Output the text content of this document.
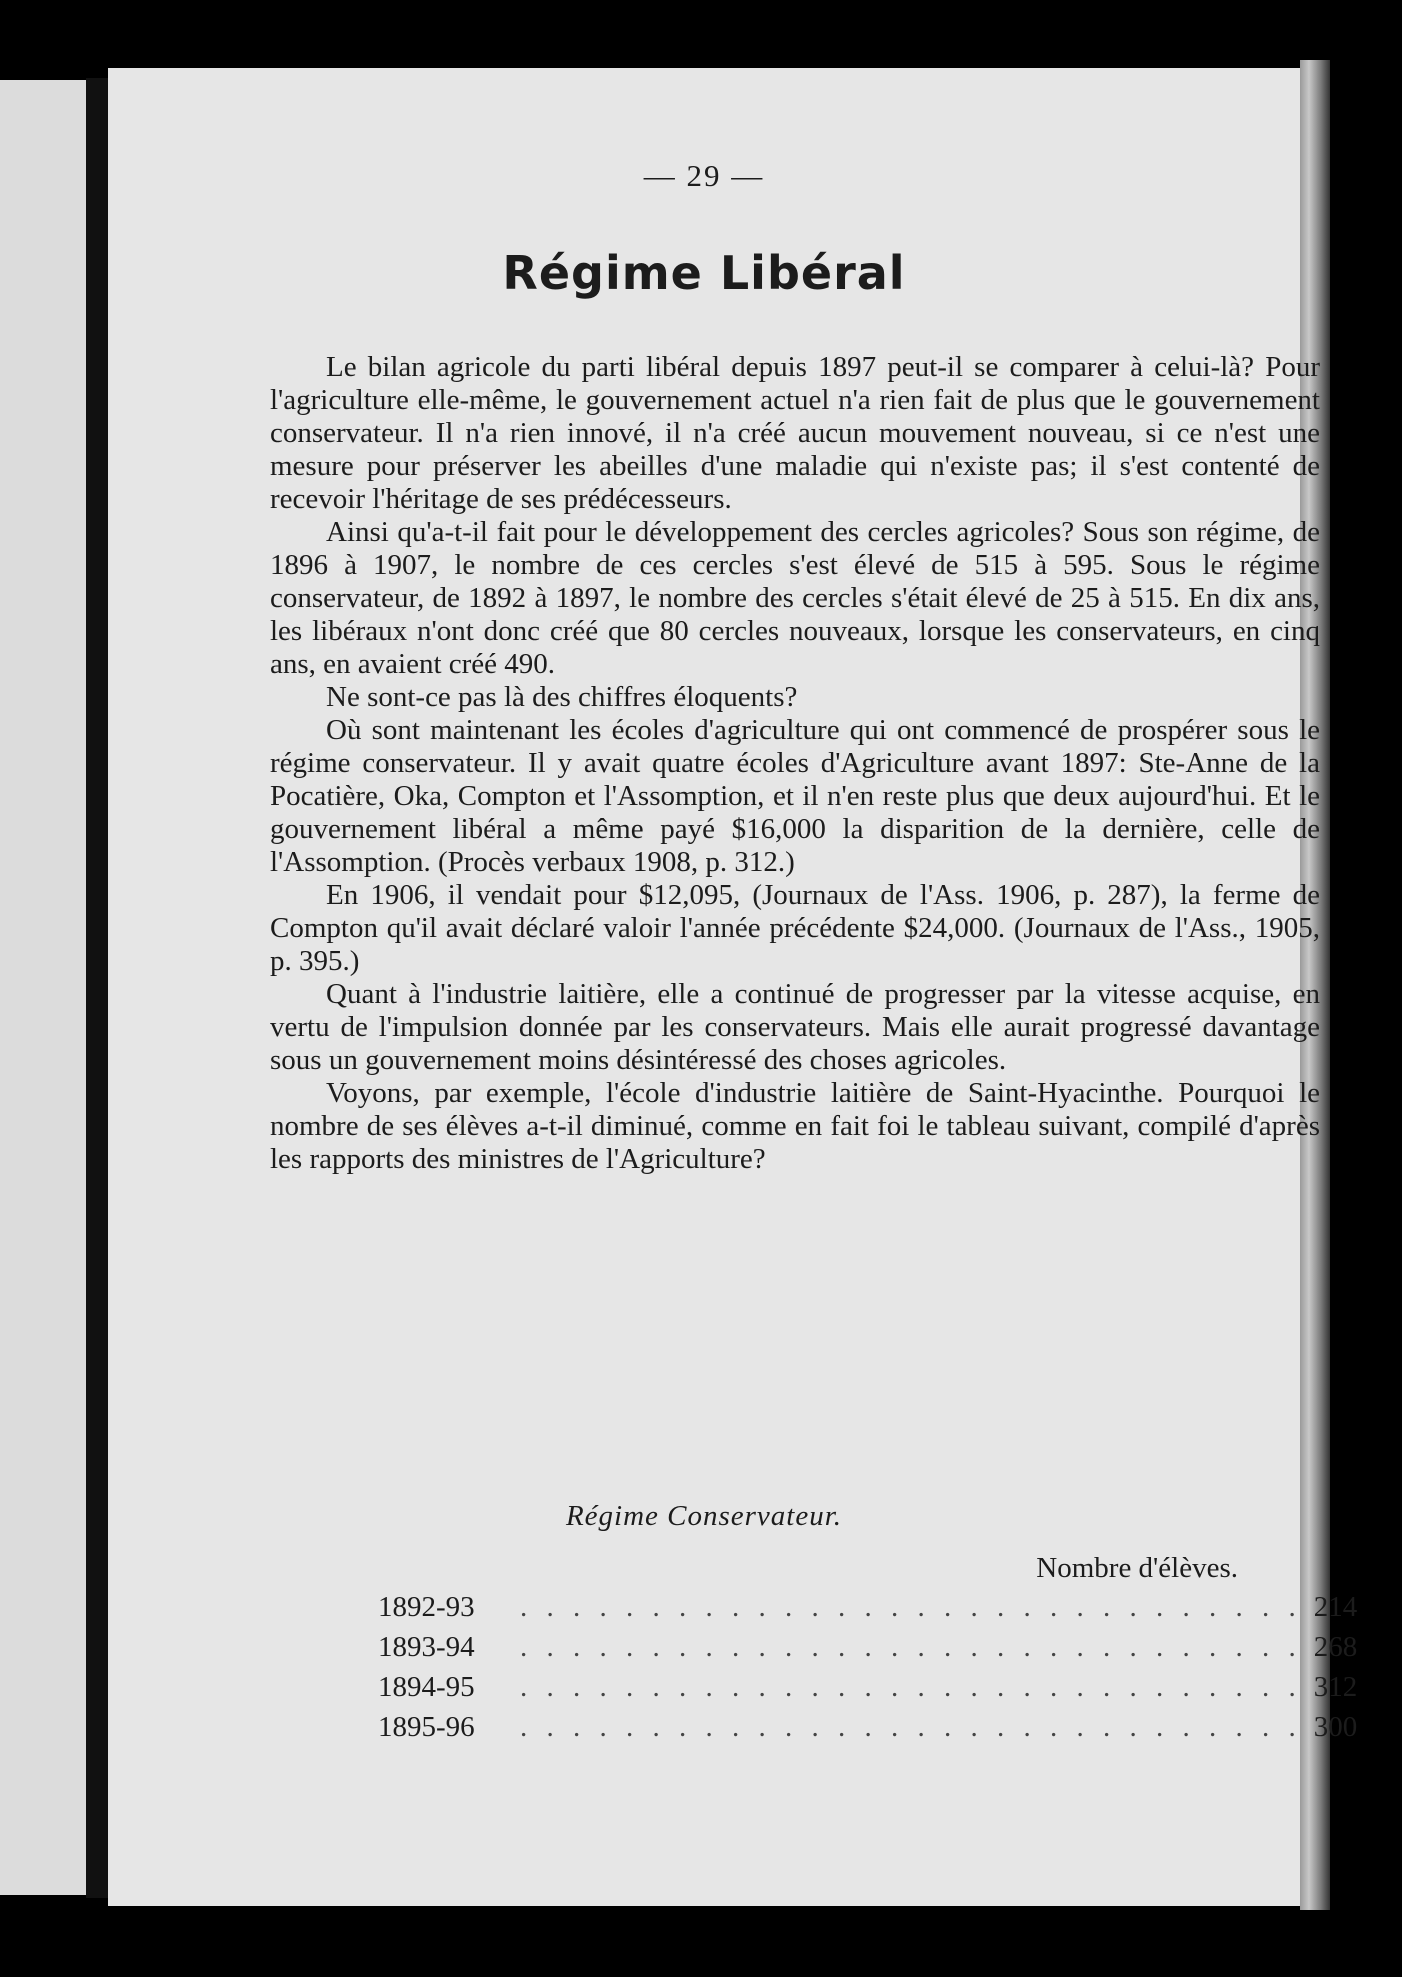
— 29 —
Régime Libéral

Le bilan agricole du parti libéral depuis 1897 peut-il se comparer à celui-là? Pour l'agriculture elle-même, le gouvernement actuel n'a rien fait de plus que le gouvernement conservateur. Il n'a rien innové, il n'a créé aucun mouvement nouveau, si ce n'est une mesure pour préserver les abeilles d'une maladie qui n'existe pas; il s'est contenté de recevoir l'héritage de ses prédécesseurs.

Ainsi qu'a-t-il fait pour le développement des cercles agricoles? Sous son régime, de 1896 à 1907, le nombre de ces cercles s'est élevé de 515 à 595. Sous le régime conservateur, de 1892 à 1897, le nombre des cercles s'était élevé de 25 à 515. En dix ans, les libéraux n'ont donc créé que 80 cercles nouveaux, lorsque les conservateurs, en cinq ans, en avaient créé 490.

Ne sont-ce pas là des chiffres éloquents?

Où sont maintenant les écoles d'agriculture qui ont commencé de prospérer sous le régime conservateur. Il y avait quatre écoles d'Agriculture avant 1897: Ste-Anne de la Pocatière, Oka, Compton et l'Assomption, et il n'en reste plus que deux aujourd'hui. Et le gouvernement libéral a même payé $16,000 la disparition de la dernière, celle de l'Assomption. (Procès verbaux 1908, p. 312.)

En 1906, il vendait pour $12,095, (Journaux de l'Ass. 1906, p. 287), la ferme de Compton qu'il avait déclaré valoir l'année précédente $24,000. (Journaux de l'Ass., 1905, p. 395.)

Quant à l'industrie laitière, elle a continué de progresser par la vitesse acquise, en vertu de l'impulsion donnée par les conservateurs. Mais elle aurait progressé davantage sous un gouvernement moins désintéressé des choses agricoles.

Voyons, par exemple, l'école d'industrie laitière de Saint-Hyacinthe. Pourquoi le nombre de ses élèves a-t-il diminué, comme en fait foi le tableau suivant, compilé d'après les rapports des ministres de l'Agriculture?

Régime Conservateur.
Nombre d'élèves.
1892-93	. . . . . . . . . . . . . . . . . . . . . . . . . . . . . . 214
1893-94	. . . . . . . . . . . . . . . . . . . . . . . . . . . . . . 268
1894-95	. . . . . . . . . . . . . . . . . . . . . . . . . . . . . . 312
1895-96	. . . . . . . . . . . . . . . . . . . . . . . . . . . . . . 300
